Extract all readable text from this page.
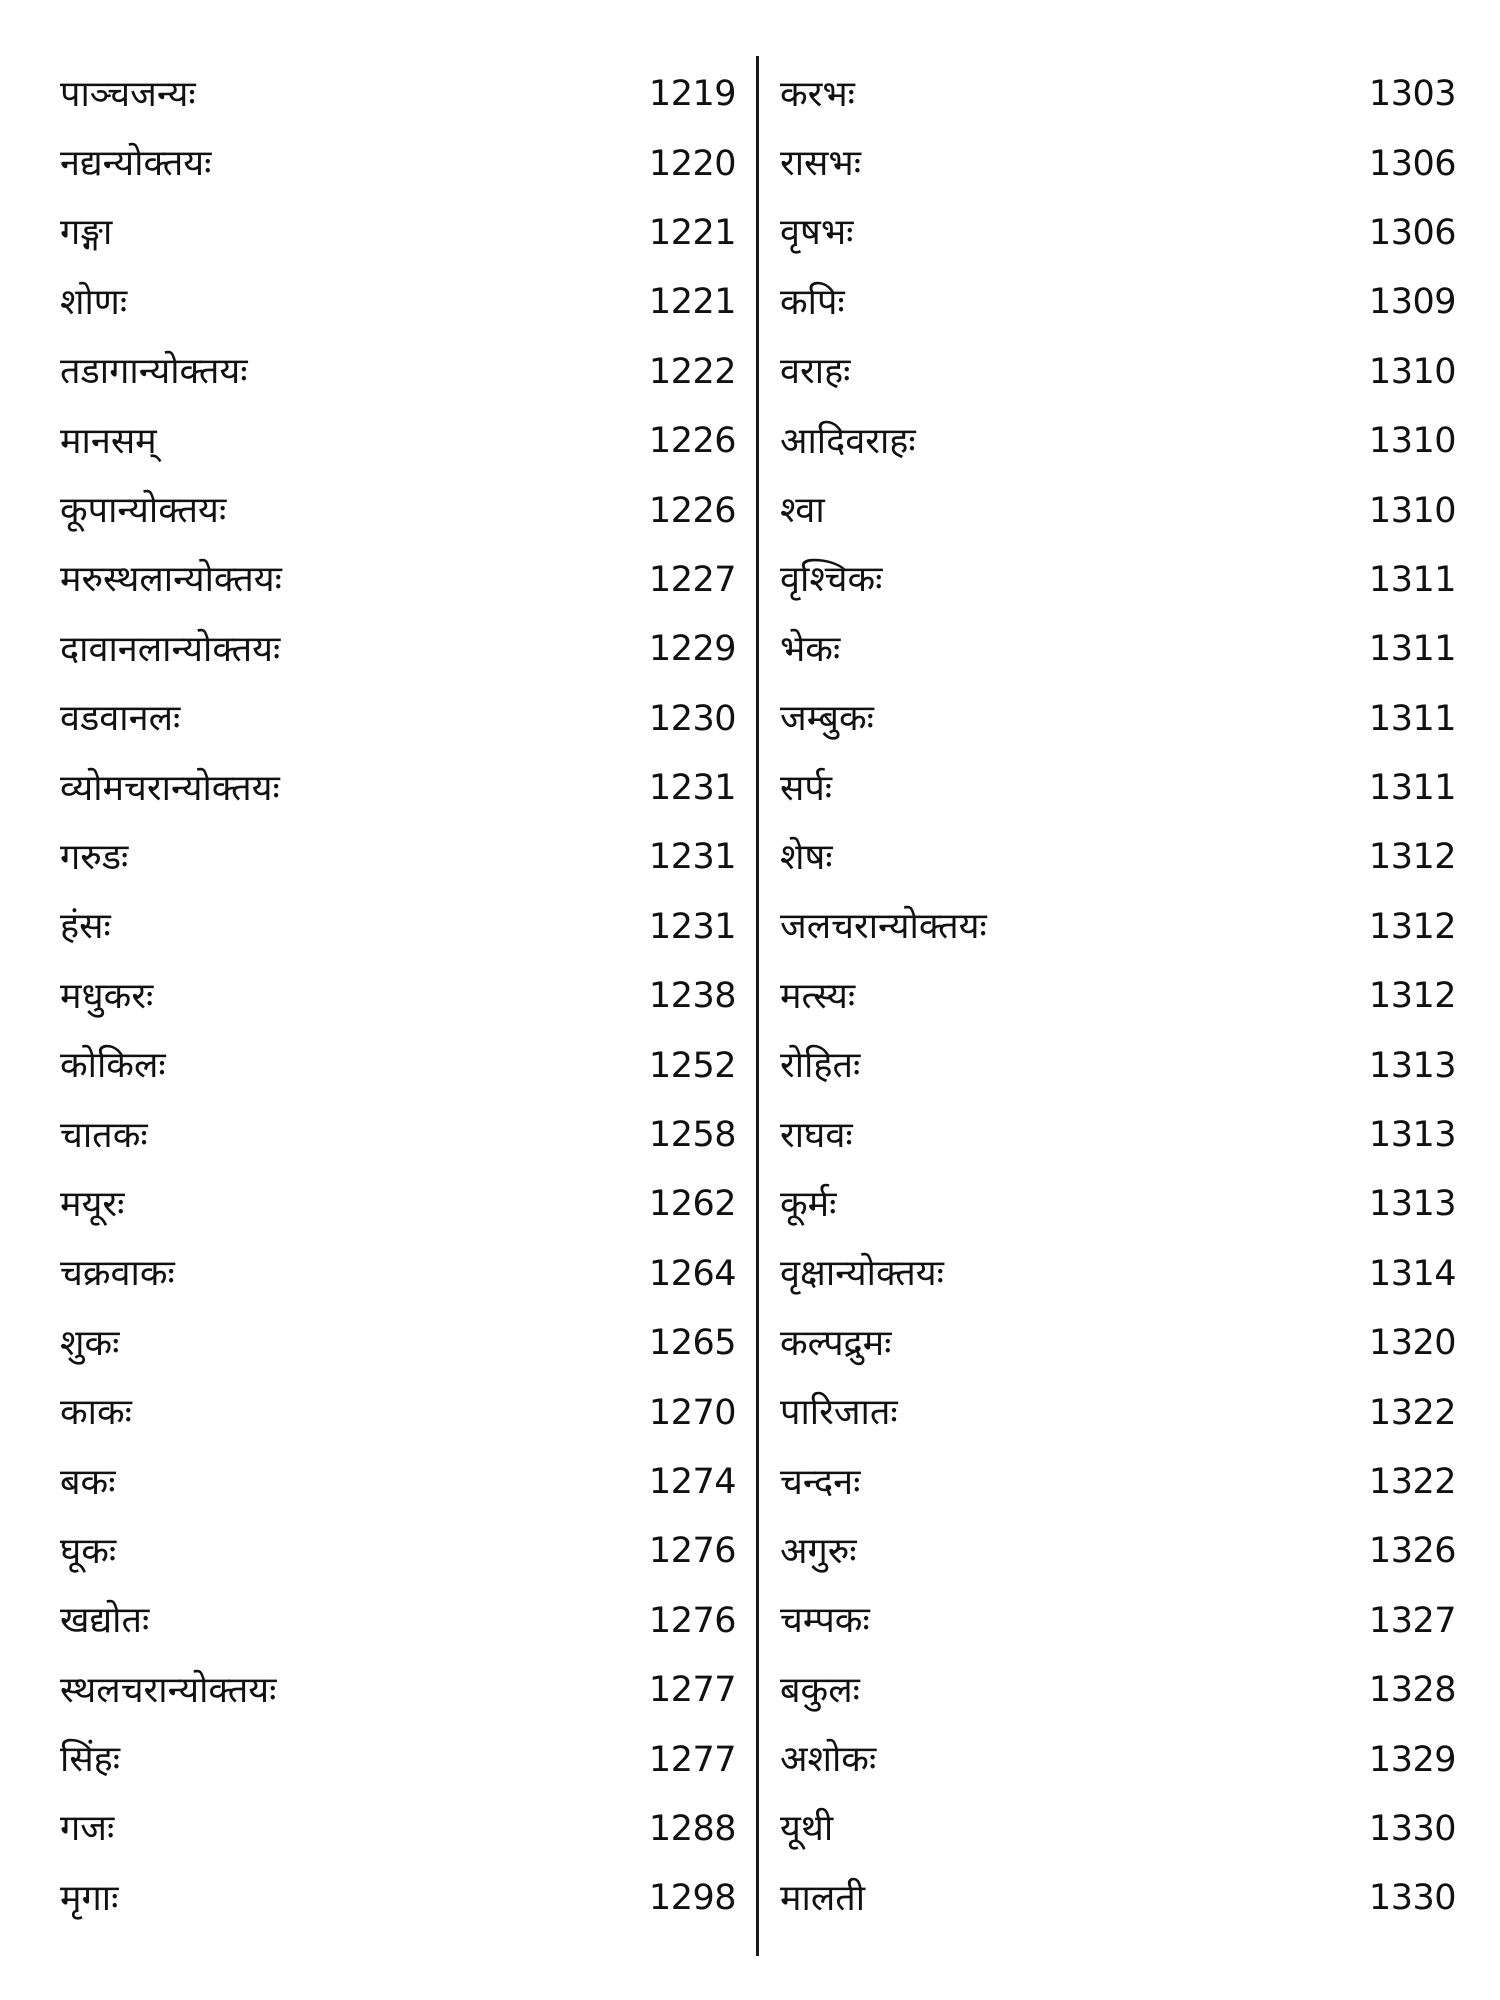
पाञ्चजन्यः	1219
नद्यन्योक्तयः	1220
गङ्गा	1221
शोणः	1221
तडागान्योक्तयः	1222
मानसम्	1226
कूपान्योक्तयः	1226
मरुस्थलान्योक्तयः	1227
दावानलान्योक्तयः	1229
वडवानलः	1230
व्योमचरान्योक्तयः	1231
गरुडः	1231
हंसः	1231
मधुकरः	1238
कोकिलः	1252
चातकः	1258
मयूरः	1262
चक्रवाकः	1264
शुकः	1265
काकः	1270
बकः	1274
घूकः	1276
खद्योतः	1276
स्थलचरान्योक्तयः	1277
सिंहः	1277
गजः	1288
मृगाः	1298
करभः	1303
रासभः	1306
वृषभः	1306
कपिः	1309
वराहः	1310
आदिवराहः	1310
श्वा	1310
वृश्चिकः	1311
भेकः	1311
जम्बुकः	1311
सर्पः	1311
शेषः	1312
जलचरान्योक्तयः	1312
मत्स्यः	1312
रोहितः	1313
राघवः	1313
कूर्मः	1313
वृक्षान्योक्तयः	1314
कल्पद्रुमः	1320
पारिजातः	1322
चन्दनः	1322
अगुरुः	1326
चम्पकः	1327
बकुलः	1328
अशोकः	1329
यूथी	1330
मालती	1330
